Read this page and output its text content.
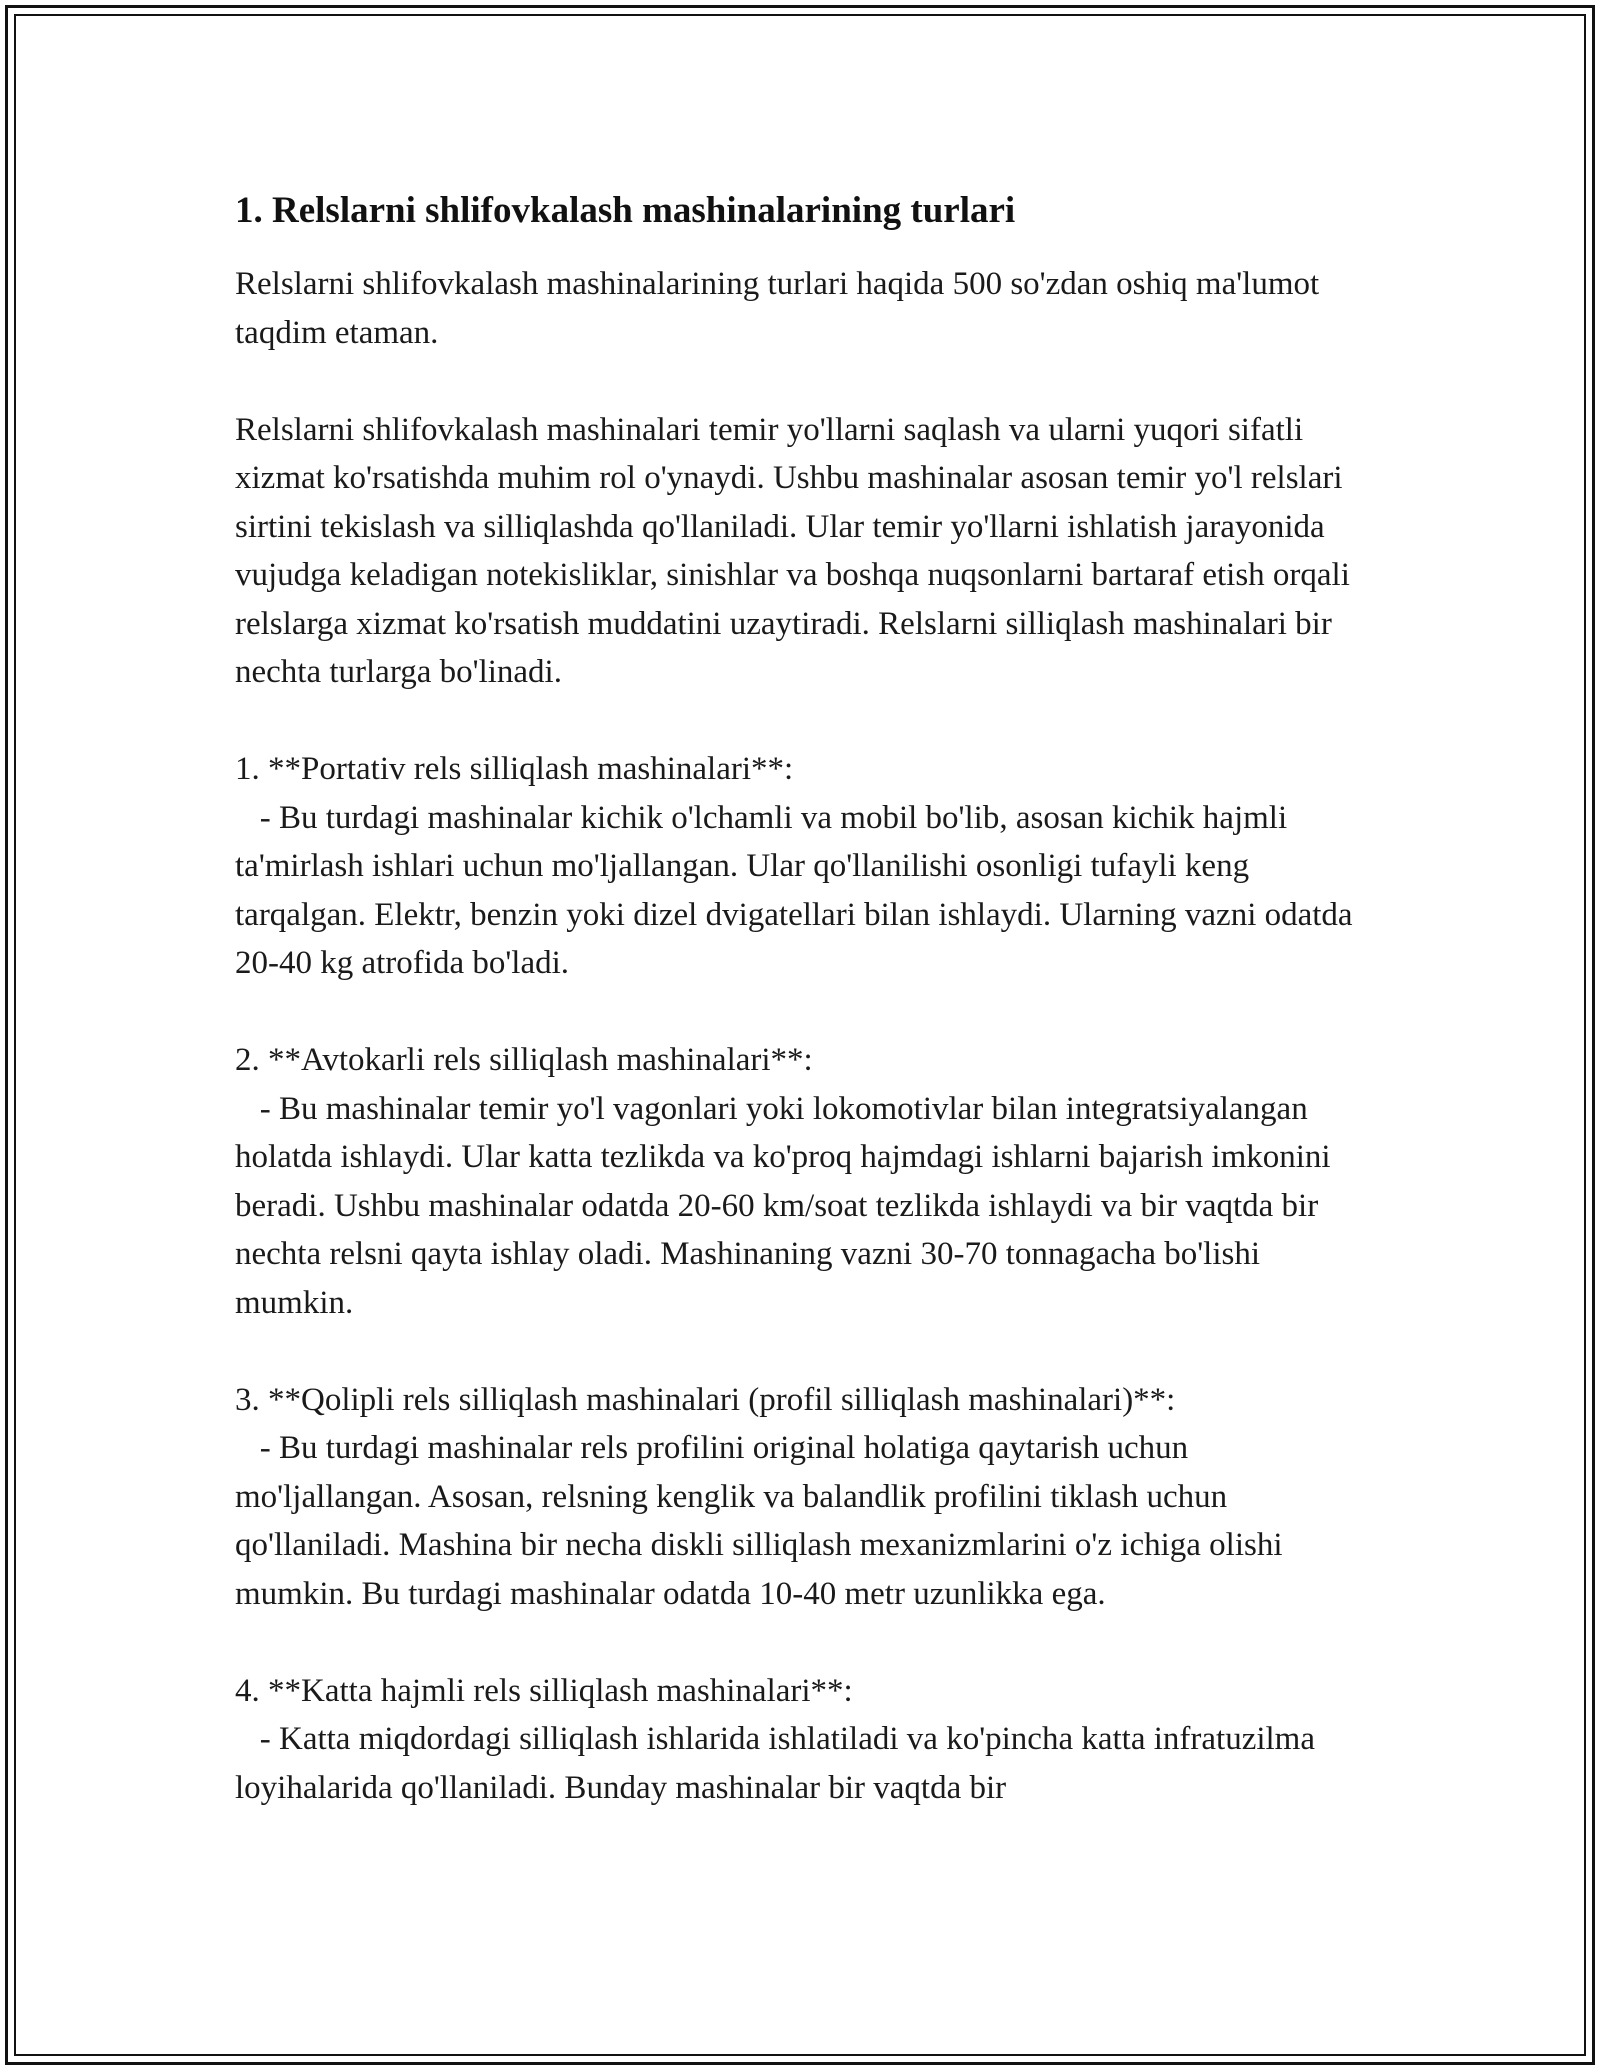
1. Relslarni shlifovkalash mashinalarining turlari

Relslarni shlifovkalash mashinalarining turlari haqida 500 so'zdan oshiq ma'lumot taqdim etaman.

Relslarni shlifovkalash mashinalari temir yo'llarni saqlash va ularni yuqori sifatli xizmat ko'rsatishda muhim rol o'ynaydi. Ushbu mashinalar asosan temir yo'l relslari sirtini tekislash va silliqlashda qo'llaniladi. Ular temir yo'llarni ishlatish jarayonida vujudga keladigan notekisliklar, sinishlar va boshqa nuqsonlarni bartaraf etish orqali relslarga xizmat ko'rsatish muddatini uzaytiradi. Relslarni silliqlash mashinalari bir nechta turlarga bo'linadi.

1. **Portativ rels silliqlash mashinalari**:

- Bu turdagi mashinalar kichik o'lchamli va mobil bo'lib, asosan kichik hajmli ta'mirlash ishlari uchun mo'ljallangan. Ular qo'llanilishi osonligi tufayli keng tarqalgan. Elektr, benzin yoki dizel dvigatellari bilan ishlaydi. Ularning vazni odatda 20-40 kg atrofida bo'ladi.

2. **Avtokarli rels silliqlash mashinalari**:

- Bu mashinalar temir yo'l vagonlari yoki lokomotivlar bilan integratsiyalangan holatda ishlaydi. Ular katta tezlikda va ko'proq hajmdagi ishlarni bajarish imkonini beradi. Ushbu mashinalar odatda 20-60 km/soat tezlikda ishlaydi va bir vaqtda bir nechta relsni qayta ishlay oladi. Mashinaning vazni 30-70 tonnagacha bo'lishi mumkin.

3. **Qolipli rels silliqlash mashinalari (profil silliqlash mashinalari)**:

- Bu turdagi mashinalar rels profilini original holatiga qaytarish uchun mo'ljallangan. Asosan, relsning kenglik va balandlik profilini tiklash uchun qo'llaniladi. Mashina bir necha diskli silliqlash mexanizmlarini o'z ichiga olishi mumkin. Bu turdagi mashinalar odatda 10-40 metr uzunlikka ega.

4. **Katta hajmli rels silliqlash mashinalari**:

- Katta miqdordagi silliqlash ishlarida ishlatiladi va ko'pincha katta infratuzilma loyihalarida qo'llaniladi. Bunday mashinalar bir vaqtda bir
